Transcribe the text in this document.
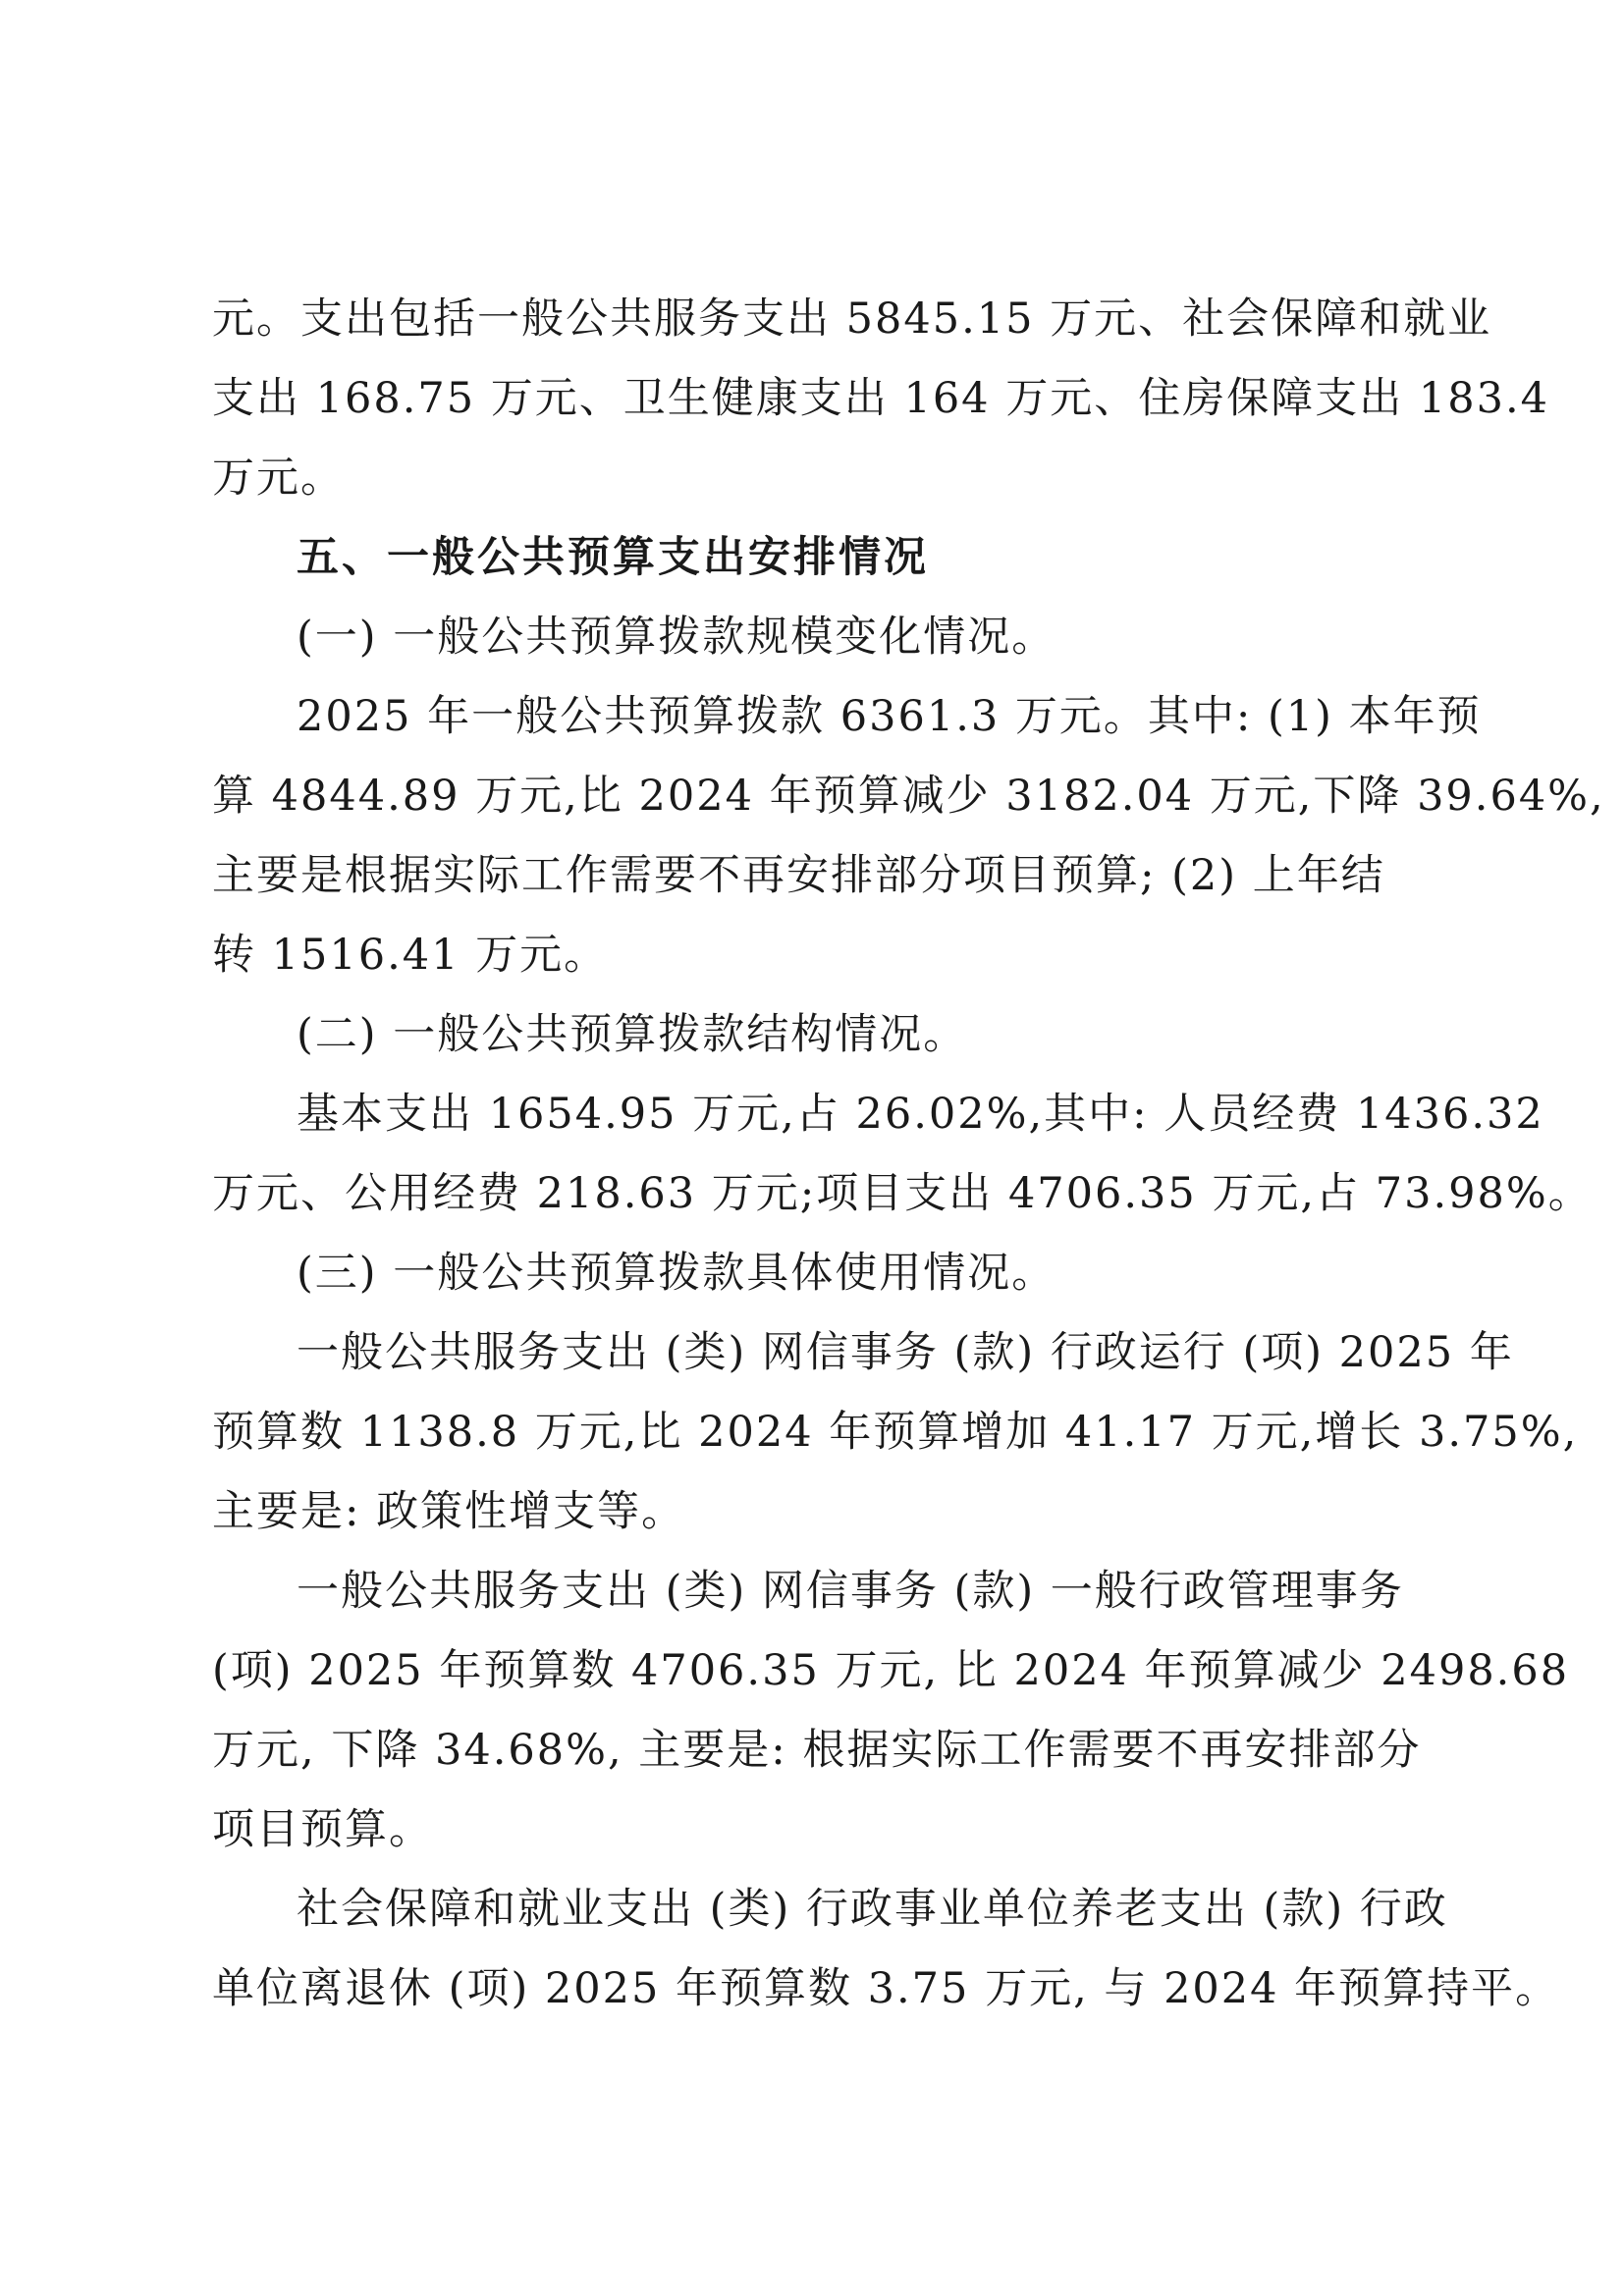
元。支出包括一般公共服务支出 5845.15 万元、社会保障和就业
支出 168.75 万元、卫生健康支出 164 万元、住房保障支出 183.4
万元。

五、一般公共预算支出安排情况

(一) 一般公共预算拨款规模变化情况。

2025 年一般公共预算拨款 6361.3 万元。其中: (1) 本年预
算 4844.89 万元,比 2024 年预算减少 3182.04 万元,下降 39.64%,
主要是根据实际工作需要不再安排部分项目预算; (2) 上年结
转 1516.41 万元。

(二) 一般公共预算拨款结构情况。

基本支出 1654.95 万元,占 26.02%,其中: 人员经费 1436.32
万元、公用经费 218.63 万元;项目支出 4706.35 万元,占 73.98%。

(三) 一般公共预算拨款具体使用情况。

一般公共服务支出 (类) 网信事务 (款) 行政运行 (项) 2025 年
预算数 1138.8 万元,比 2024 年预算增加 41.17 万元,增长 3.75%,
主要是: 政策性增支等。

一般公共服务支出 (类) 网信事务 (款) 一般行政管理事务
(项) 2025 年预算数 4706.35 万元, 比 2024 年预算减少 2498.68
万元, 下降 34.68%, 主要是: 根据实际工作需要不再安排部分
项目预算。

社会保障和就业支出 (类) 行政事业单位养老支出 (款) 行政
单位离退休 (项) 2025 年预算数 3.75 万元, 与 2024 年预算持平。
